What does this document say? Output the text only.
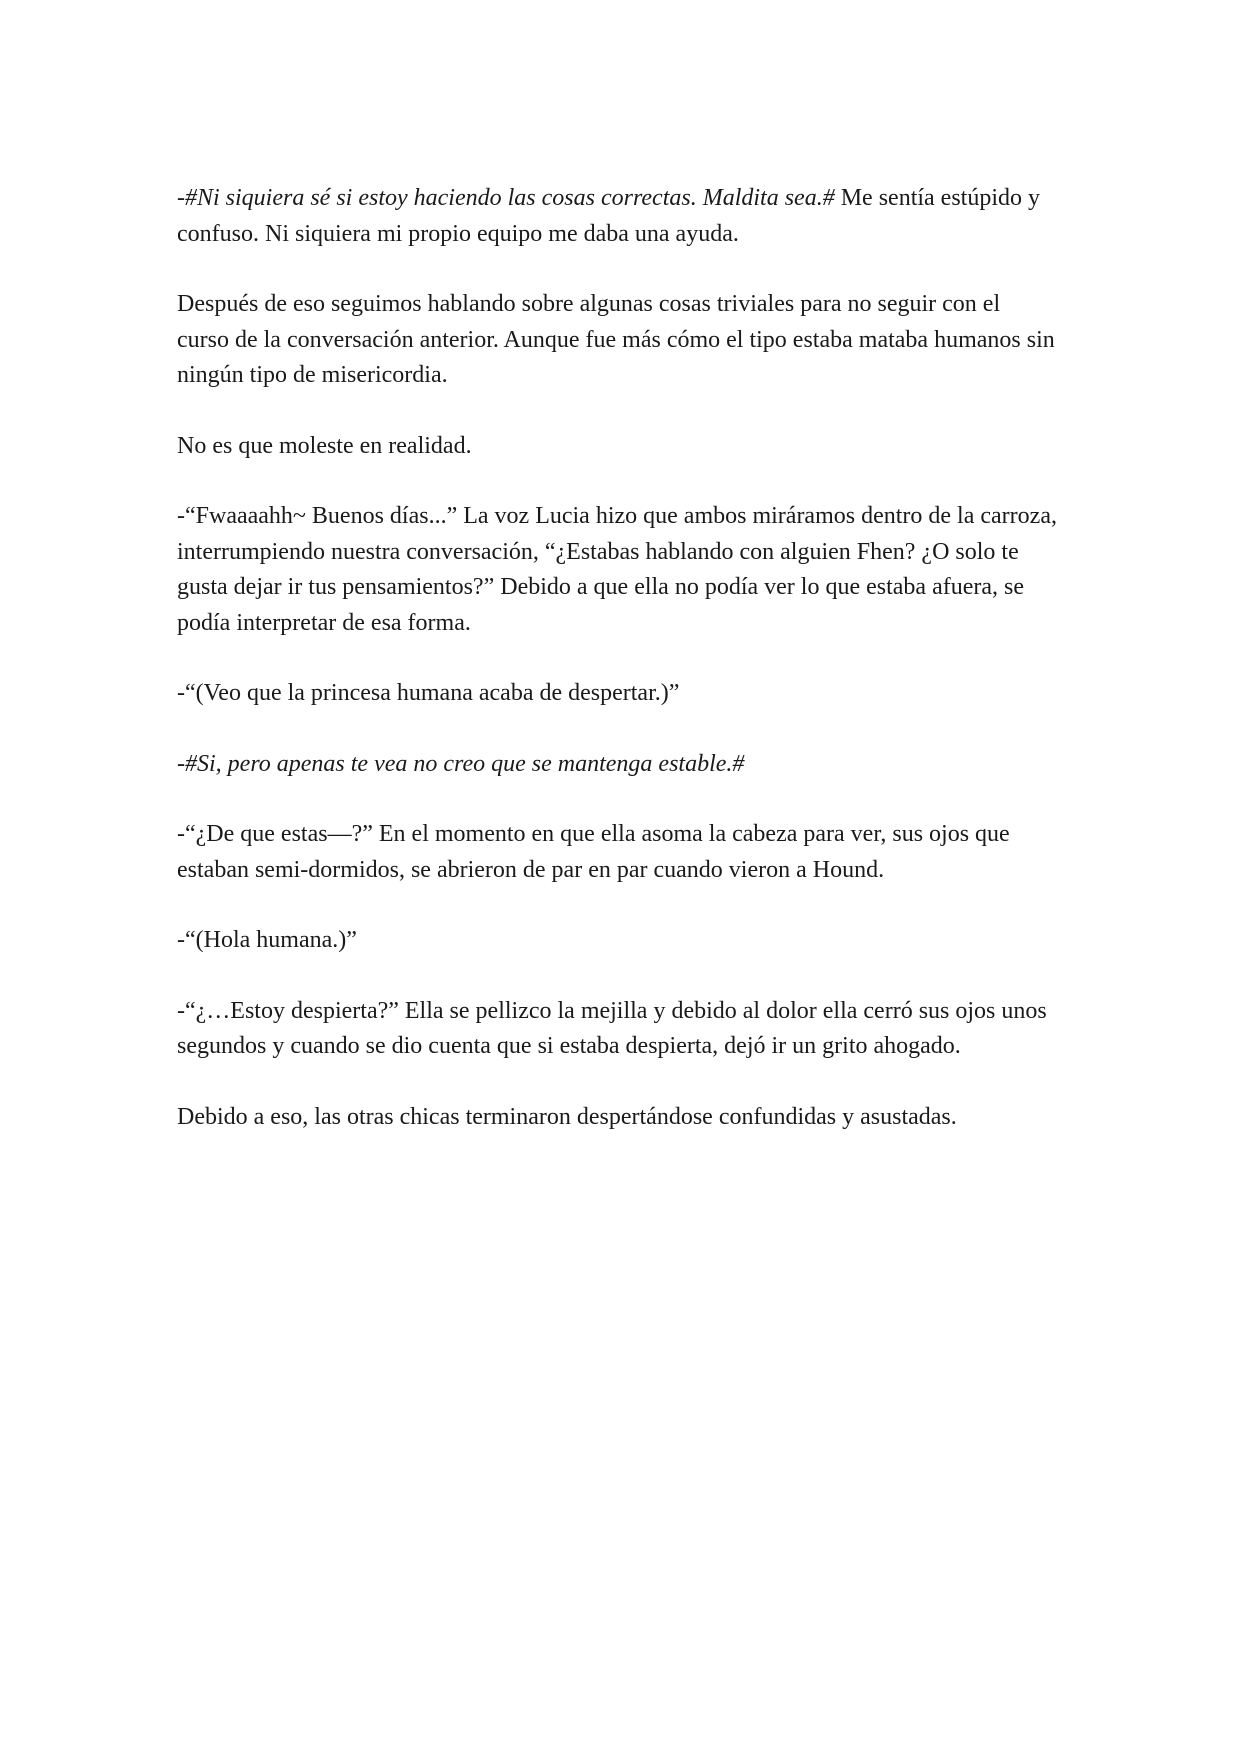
-#Ni siquiera sé si estoy haciendo las cosas correctas. Maldita sea.# Me sentía estúpido y confuso. Ni siquiera mi propio equipo me daba una ayuda.

Después de eso seguimos hablando sobre algunas cosas triviales para no seguir con el curso de la conversación anterior. Aunque fue más cómo el tipo estaba mataba humanos sin ningún tipo de misericordia.

No es que moleste en realidad.

-“Fwaaaahh~ Buenos días...” La voz Lucia hizo que ambos miráramos dentro de la carroza, interrumpiendo nuestra conversación, “¿Estabas hablando con alguien Fhen? ¿O solo te gusta dejar ir tus pensamientos?” Debido a que ella no podía ver lo que estaba afuera, se podía interpretar de esa forma.

-“(Veo que la princesa humana acaba de despertar.)”

-#Si, pero apenas te vea no creo que se mantenga estable.#

-“¿De que estas—?” En el momento en que ella asoma la cabeza para ver, sus ojos que estaban semi-dormidos, se abrieron de par en par cuando vieron a Hound.

-“(Hola humana.)”

-“¿…Estoy despierta?” Ella se pellizco la mejilla y debido al dolor ella cerró sus ojos unos segundos y cuando se dio cuenta que si estaba despierta, dejó ir un grito ahogado.

Debido a eso, las otras chicas terminaron despertándose confundidas y asustadas.
